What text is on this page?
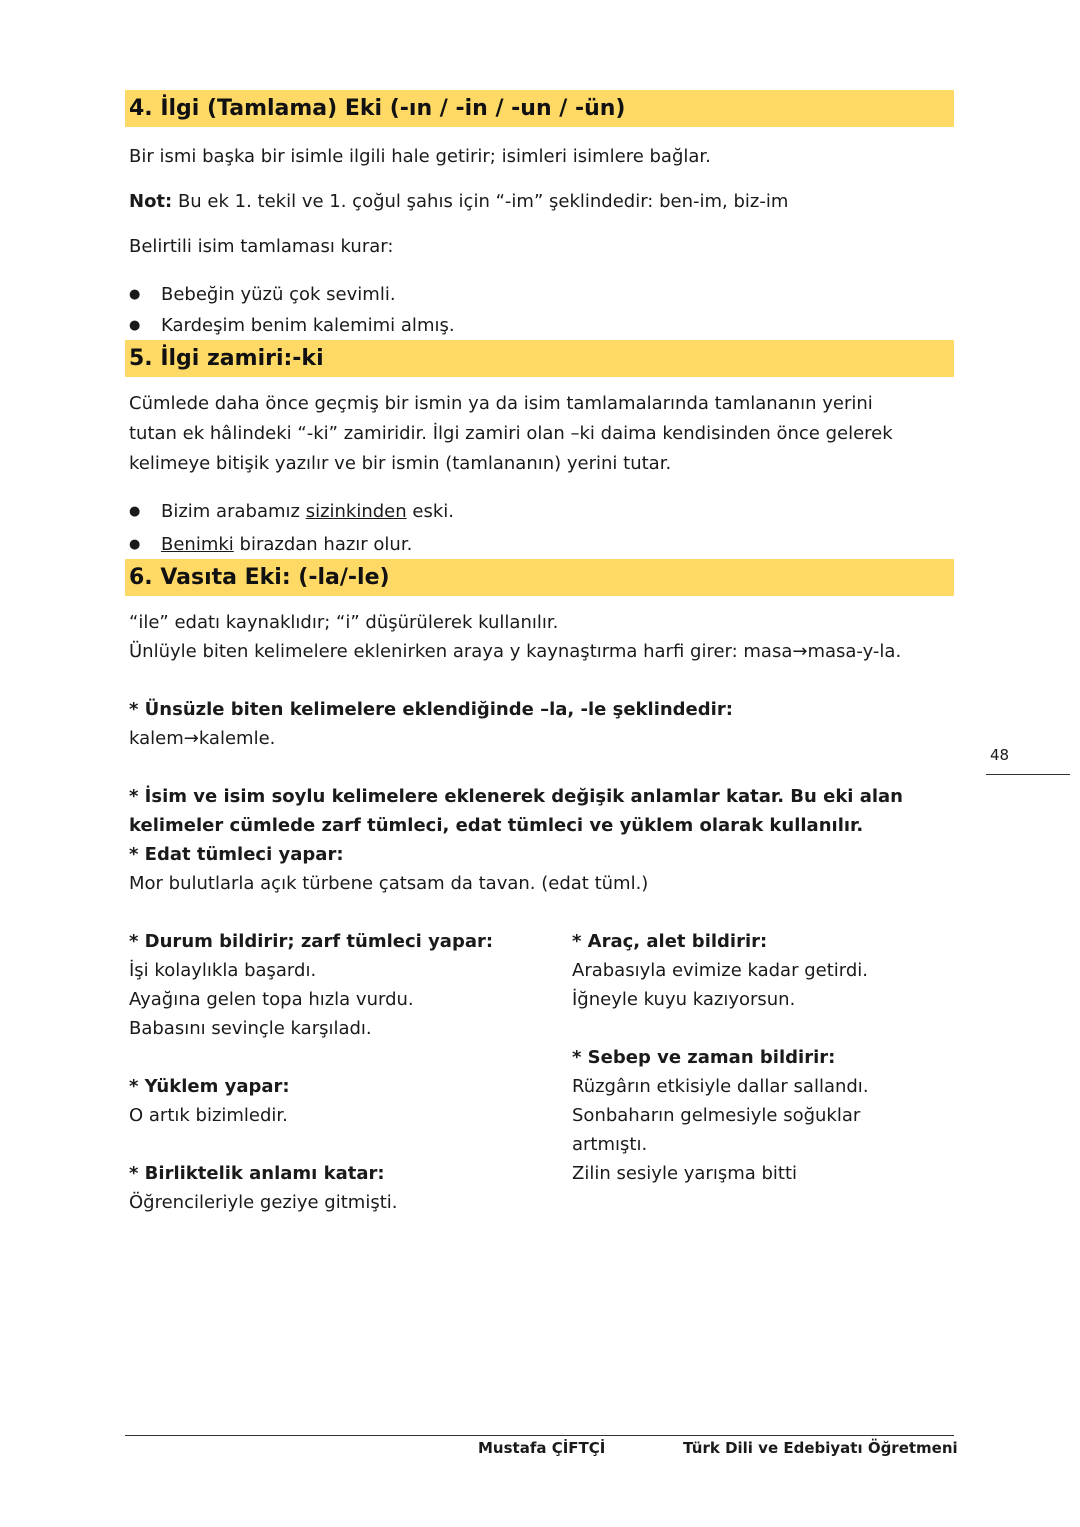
4. İlgi (Tamlama) Eki (-ın / -in / -un / -ün)

Bir ismi başka bir isimle ilgili hale getirir; isimleri isimlere bağlar.

Not: Bu ek 1. tekil ve 1. çoğul şahıs için “-im” şeklindedir: ben-im, biz-im

Belirtili isim tamlaması kurar:

● Bebeğin yüzü çok sevimli.
● Kardeşim benim kalemimi almış.
5. İlgi zamiri:-ki
Cümlede daha önce geçmiş bir ismin ya da isim tamlamalarında tamlananın yerini
tutan ek hâlindeki “-ki” zamiridir. İlgi zamiri olan –ki daima kendisinden önce gelerek
kelimeye bitişik yazılır ve bir ismin (tamlananın) yerini tutar.
● Bizim arabamız sizinkinden eski.
● Benimki birazdan hazır olur.
6. Vasıta Eki: (-la/-le)
“ile” edatı kaynaklıdır; “i” düşürülerek kullanılır.
Ünlüyle biten kelimelere eklenirken araya y kaynaştırma harfi girer: masa→masa-y-la.
* Ünsüzle biten kelimelere eklendiğinde –la, -le şeklindedir:
kalem→kalemle.
* İsim ve isim soylu kelimelere eklenerek değişik anlamlar katar. Bu eki alan
kelimeler cümlede zarf tümleci, edat tümleci ve yüklem olarak kullanılır.
* Edat tümleci yapar:
Mor bulutlarla açık türbene çatsam da tavan. (edat tüml.)
* Durum bildirir; zarf tümleci yapar:
İşi kolaylıkla başardı.
Ayağına gelen topa hızla vurdu.
Babasını sevinçle karşıladı.
* Yüklem yapar:
O artık bizimledir.
* Birliktelik anlamı katar:
Öğrencileriyle geziye gitmişti.
* Araç, alet bildirir:
Arabasıyla evimize kadar getirdi.
İğneyle kuyu kazıyorsun.
* Sebep ve zaman bildirir:
Rüzgârın etkisiyle dallar sallandı.
Sonbaharın gelmesiyle soğuklar
artmıştı.
Zilin sesiyle yarışma bitti
48
Mustafa ÇİFTÇİ	Türk Dili ve Edebiyatı Öğretmeni
